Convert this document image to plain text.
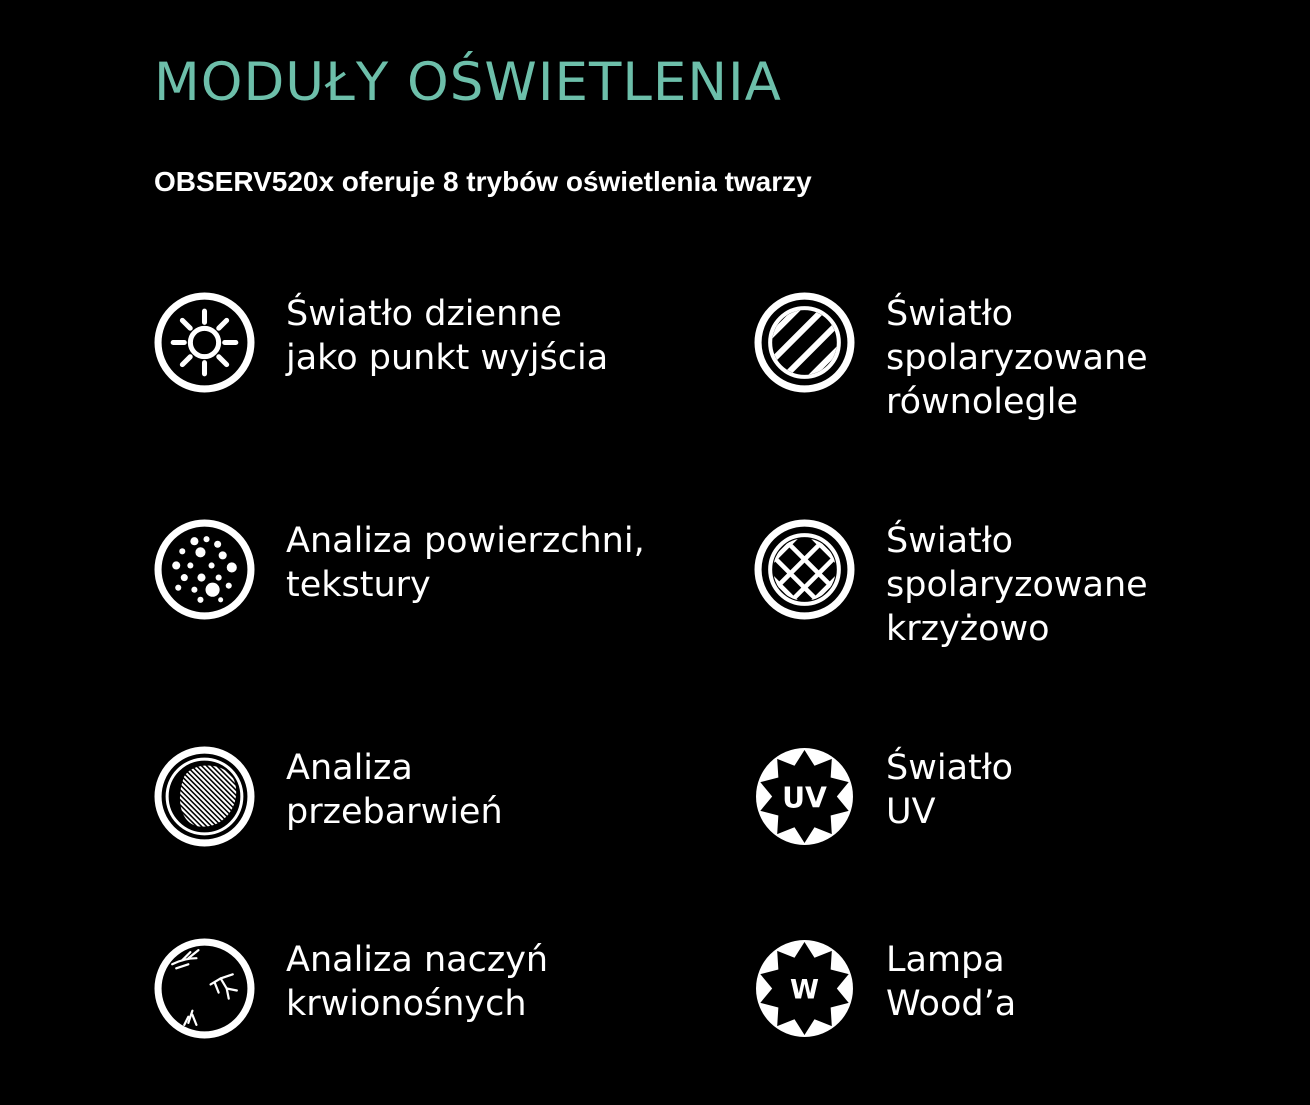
MODUŁY OŚWIETLENIA
OBSERV520x oferuje 8 trybów oświetlenia twarzy
Światło dzienne
jako punkt wyjścia
Światło
spolaryzowane
równolegle
Analiza powierzchni,
tekstury
Światło
spolaryzowane
krzyżowo
Analiza
przebarwień	UV
Światło
UV
Analiza naczyń
krwionośnych	W
Lampa
Wood’a
